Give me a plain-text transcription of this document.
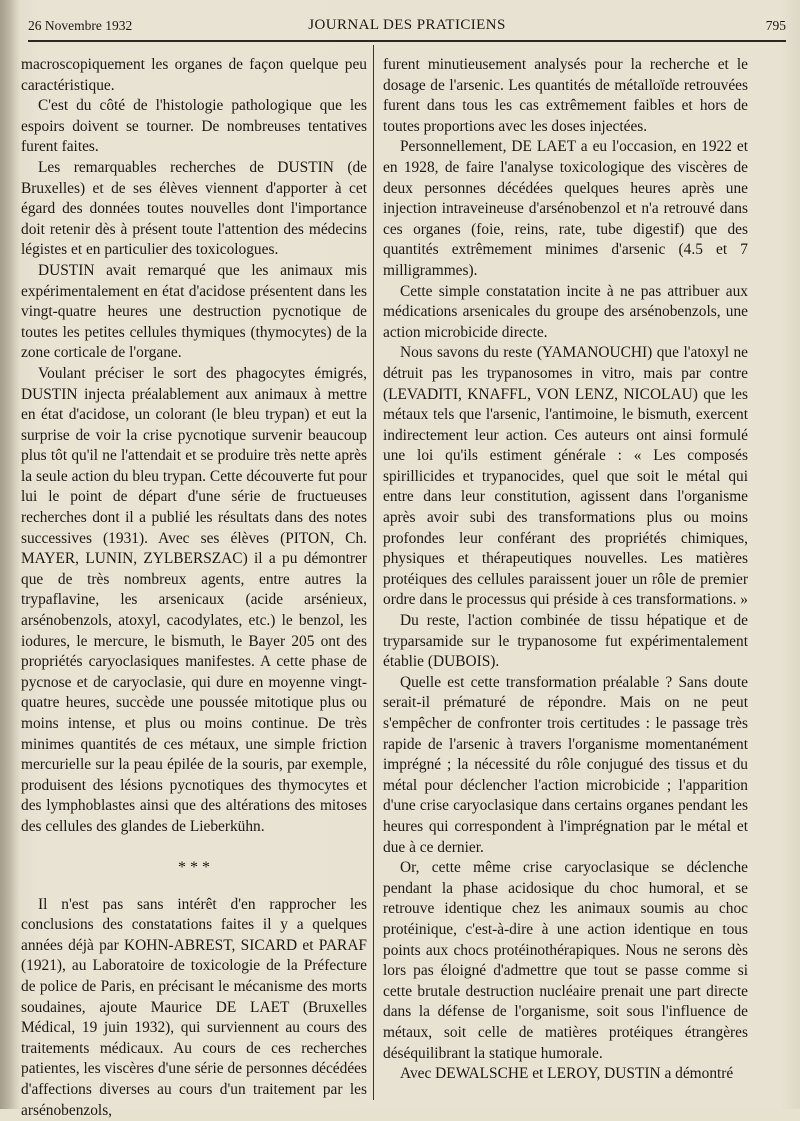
26 Novembre 1932	JOURNAL DES PRATICIENS	795

macroscopiquement les organes de façon quelque peu caractéristique.

C'est du côté de l'histologie pathologique que les espoirs doivent se tourner. De nombreuses tentatives furent faites.

Les remarquables recherches de DUSTIN (de Bruxelles) et de ses élèves viennent d'apporter à cet égard des données toutes nouvelles dont l'importance doit retenir dès à présent toute l'attention des médecins légistes et en particulier des toxicologues.

DUSTIN avait remarqué que les animaux mis expérimentalement en état d'acidose présentent dans les vingt-quatre heures une destruction pycnotique de toutes les petites cellules thymiques (thymocytes) de la zone corticale de l'organe.

Voulant préciser le sort des phagocytes émigrés, DUSTIN injecta préalablement aux animaux à mettre en état d'acidose, un colorant (le bleu trypan) et eut la surprise de voir la crise pycnotique survenir beaucoup plus tôt qu'il ne l'attendait et se produire très nette après la seule action du bleu trypan. Cette découverte fut pour lui le point de départ d'une série de fructueuses recherches dont il a publié les résultats dans des notes successives (1931). Avec ses élèves (PITON, Ch. MAYER, LUNIN, ZYLBERSZAC) il a pu démontrer que de très nombreux agents, entre autres la trypaflavine, les arsenicaux (acide arsénieux, arsénobenzols, atoxyl, cacodylates, etc.) le benzol, les iodures, le mercure, le bismuth, le Bayer 205 ont des propriétés caryoclasiques manifestes. A cette phase de pycnose et de caryoclasie, qui dure en moyenne vingt-quatre heures, succède une poussée mitotique plus ou moins intense, et plus ou moins continue. De très minimes quantités de ces métaux, une simple friction mercurielle sur la peau épilée de la souris, par exemple, produisent des lésions pycnotiques des thymocytes et des lymphoblastes ainsi que des altérations des mitoses des cellules des glandes de Lieberkühn.

* * *

Il n'est pas sans intérêt d'en rapprocher les conclusions des constatations faites il y a quelques années déjà par KOHN-ABREST, SICARD et PARAF (1921), au Laboratoire de toxicologie de la Préfecture de police de Paris, en précisant le mécanisme des morts soudaines, ajoute Maurice DE LAET (Bruxelles Médical, 19 juin 1932), qui surviennent au cours des traitements médicaux. Au cours de ces recherches patientes, les viscères d'une série de personnes décédées d'affections diverses au cours d'un traitement par les arsénobenzols,

furent minutieusement analysés pour la recherche et le dosage de l'arsenic. Les quantités de métalloïde retrouvées furent dans tous les cas extrêmement faibles et hors de toutes proportions avec les doses injectées.

Personnellement, DE LAET a eu l'occasion, en 1922 et en 1928, de faire l'analyse toxicologique des viscères de deux personnes décédées quelques heures après une injection intraveineuse d'arsénobenzol et n'a retrouvé dans ces organes (foie, reins, rate, tube digestif) que des quantités extrêmement minimes d'arsenic (4.5 et 7 milligrammes).

Cette simple constatation incite à ne pas attribuer aux médications arsenicales du groupe des arsénobenzols, une action microbicide directe.

Nous savons du reste (YAMANOUCHI) que l'atoxyl ne détruit pas les trypanosomes in vitro, mais par contre (LEVADITI, KNAFFL, VON LENZ, NICOLAU) que les métaux tels que l'arsenic, l'antimoine, le bismuth, exercent indirectement leur action. Ces auteurs ont ainsi formulé une loi qu'ils estiment générale : « Les composés spirillicides et trypanocides, quel que soit le métal qui entre dans leur constitution, agissent dans l'organisme après avoir subi des transformations plus ou moins profondes leur conférant des propriétés chimiques, physiques et thérapeutiques nouvelles. Les matières protéiques des cellules paraissent jouer un rôle de premier ordre dans le processus qui préside à ces transformations. »

Du reste, l'action combinée de tissu hépatique et de tryparsamide sur le trypanosome fut expérimentalement établie (DUBOIS).

Quelle est cette transformation préalable ? Sans doute serait-il prématuré de répondre. Mais on ne peut s'empêcher de confronter trois certitudes : le passage très rapide de l'arsenic à travers l'organisme momentanément imprégné ; la nécessité du rôle conjugué des tissus et du métal pour déclencher l'action microbicide ; l'apparition d'une crise caryoclasique dans certains organes pendant les heures qui correspondent à l'imprégnation par le métal et due à ce dernier.

Or, cette même crise caryoclasique se déclenche pendant la phase acidosique du choc humoral, et se retrouve identique chez les animaux soumis au choc protéinique, c'est-à-dire à une action identique en tous points aux chocs protéinothérapiques. Nous ne serons dès lors pas éloigné d'admettre que tout se passe comme si cette brutale destruction nucléaire prenait une part directe dans la défense de l'organisme, soit sous l'influence de métaux, soit celle de matières protéiques étrangères déséquilibrant la statique humorale.

Avec DEWALSCHE et LEROY, DUSTIN a démontré
